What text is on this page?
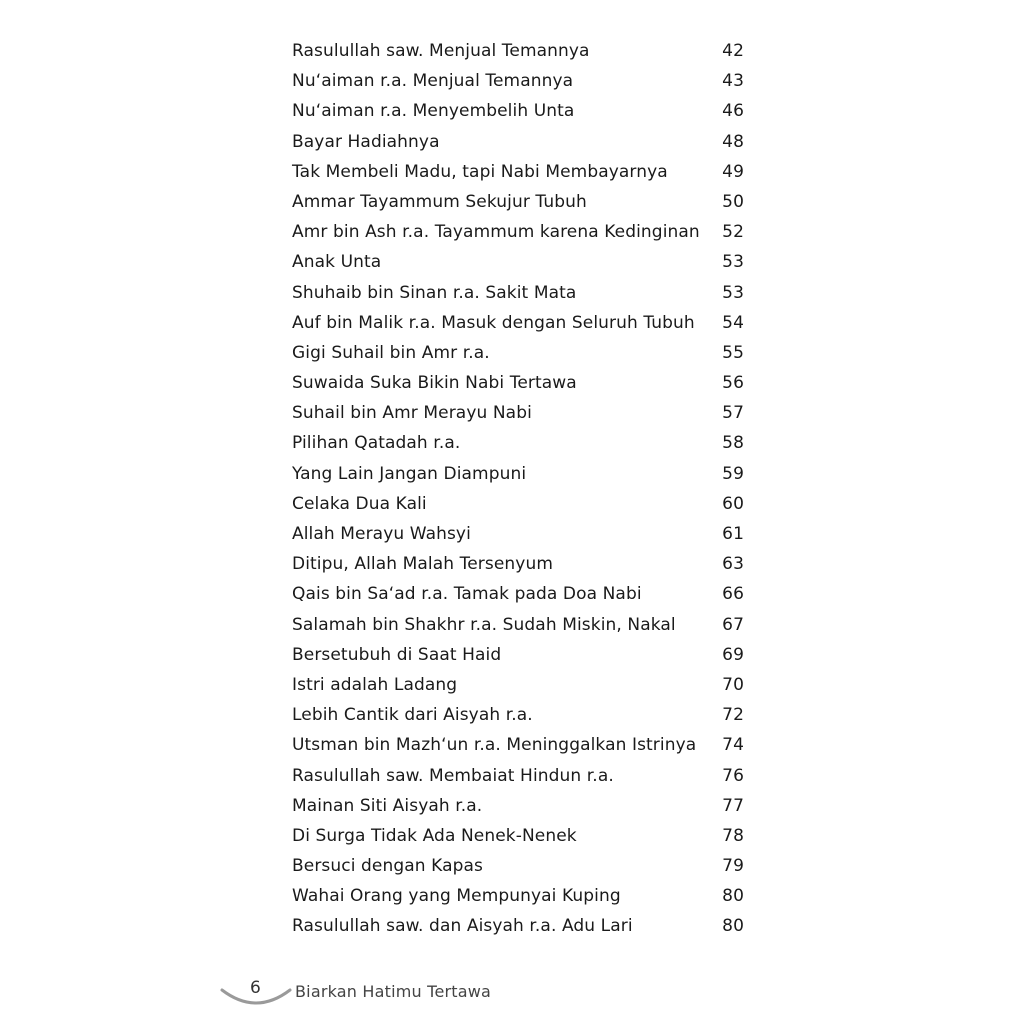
Rasulullah saw. Menjual Temannya	42
Nu‘aiman r.a. Menjual Temannya	43
Nu‘aiman r.a. Menyembelih Unta	46
Bayar Hadiahnya	48
Tak Membeli Madu, tapi Nabi Membayarnya	49
Ammar Tayammum Sekujur Tubuh	50
Amr bin Ash r.a. Tayammum karena Kedinginan	52
Anak Unta	53
Shuhaib bin Sinan r.a. Sakit Mata	53
Auf bin Malik r.a. Masuk dengan Seluruh Tubuh	54
Gigi Suhail bin Amr r.a.	55
Suwaida Suka Bikin Nabi Tertawa	56
Suhail bin Amr Merayu Nabi	57
Pilihan Qatadah r.a.	58
Yang Lain Jangan Diampuni	59
Celaka Dua Kali	60
Allah Merayu Wahsyi	61
Ditipu, Allah Malah Tersenyum	63
Qais bin Sa‘ad r.a. Tamak pada Doa Nabi	66
Salamah bin Shakhr r.a. Sudah Miskin, Nakal	67
Bersetubuh di Saat Haid	69
Istri adalah Ladang	70
Lebih Cantik dari Aisyah r.a.	72
Utsman bin Mazh‘un r.a. Meninggalkan Istrinya	74
Rasulullah saw. Membaiat Hindun r.a.	76
Mainan Siti Aisyah r.a.	77
Di Surga Tidak Ada Nenek-Nenek	78
Bersuci dengan Kapas	79
Wahai Orang yang Mempunyai Kuping	80
Rasulullah saw. dan Aisyah r.a. Adu Lari	80
6 Biarkan Hatimu Tertawa
